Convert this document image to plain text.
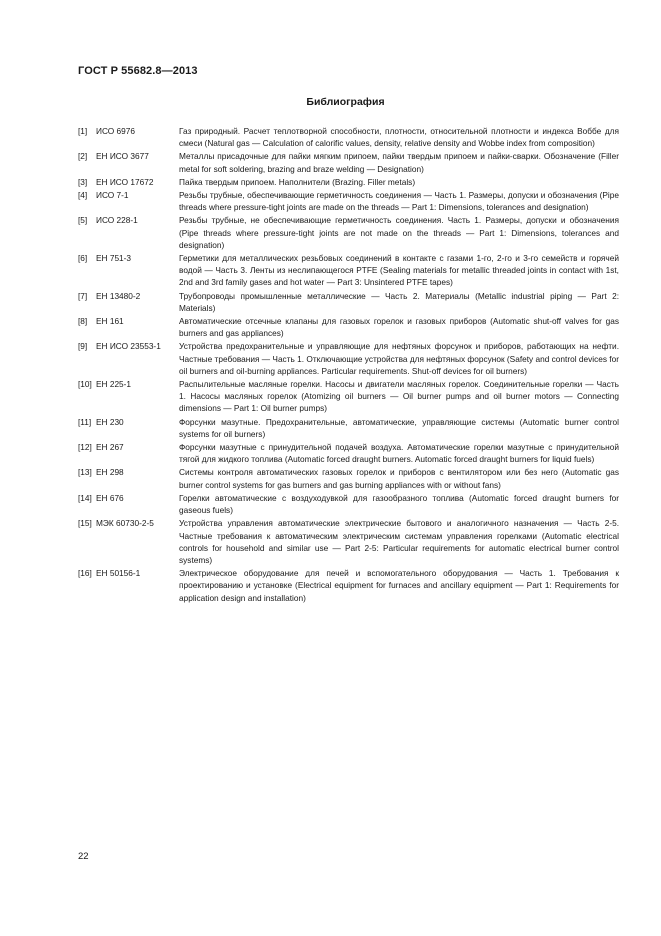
ГОСТ Р 55682.8—2013
Библиография
[1] ИСО 6976	Газ природный. Расчет теплотворной способности, плотности, относительной плотности и индекса Воббе для смеси (Natural gas — Calculation of calorific values, density, relative density and Wobbe index from composition)
[2] ЕН ИСО 3677	Металлы присадочные для пайки мягким припоем, пайки твердым припоем и пайки-сварки. Обозначение (Filler metal for soft soldering, brazing and braze welding — Designation)
[3] ЕН ИСО 17672	Пайка твердым припоем. Наполнители (Brazing. Filler metals)
[4] ИСО 7-1	Резьбы трубные, обеспечивающие герметичность соединения — Часть 1. Размеры, допуски и обозначения (Pipe threads where pressure-tight joints are made on the threads — Part 1: Dimensions, tolerances and designation)
[5] ИСО 228-1	Резьбы трубные, не обеспечивающие герметичность соединения. Часть 1. Размеры, допуски и обозначения (Pipe threads where pressure-tight joints are not made on the threads — Part 1: Dimensions, tolerances and designation)
[6] ЕН 751-3	Герметики для металлических резьбовых соединений в контакте с газами 1-го, 2-го и 3-го семейств и горячей водой — Часть 3. Ленты из неслипающегося PTFE (Sealing materials for metallic threaded joints in contact with 1st, 2nd and 3rd family gases and hot water — Part 3: Unsintered PTFE tapes)
[7] ЕН 13480-2	Трубопроводы промышленные металлические — Часть 2. Материалы (Metallic industrial piping — Part 2: Materials)
[8] ЕН 161	Автоматические отсечные клапаны для газовых горелок и газовых приборов (Automatic shut-off valves for gas burners and gas appliances)
[9] ЕН ИСО 23553-1	Устройства предохранительные и управляющие для нефтяных форсунок и приборов, работающих на нефти. Частные требования — Часть 1. Отключающие устройства для нефтяных форсунок (Safety and control devices for oil burners and oil-burning appliances. Particular requirements. Shut-off devices for oil burners)
[10] ЕН 225-1	Распылительные масляные горелки. Насосы и двигатели масляных горелок. Соединительные горелки — Часть 1. Насосы масляных горелок (Atomizing oil burners — Oil burner pumps and oil burner motors — Connecting dimensions — Part 1: Oil burner pumps)
[11] ЕН 230	Форсунки мазутные. Предохранительные, автоматические, управляющие системы (Automatic burner control systems for oil burners)
[12] ЕН 267	Форсунки мазутные с принудительной подачей воздуха. Автоматические горелки мазутные с принудительной тягой для жидкого топлива (Automatic forced draught burners. Automatic forced draught burners for liquid fuels)
[13] ЕН 298	Системы контроля автоматических газовых горелок и приборов с вентилятором или без него (Automatic gas burner control systems for gas burners and gas burning appliances with or without fans)
[14] ЕН 676	Горелки автоматические с воздуходувкой для газообразного топлива (Automatic forced draught burners for gaseous fuels)
[15] МЭК 60730-2-5	Устройства управления автоматические электрические бытового и аналогичного назначения — Часть 2-5. Частные требования к автоматическим электрическим системам управления горелками (Automatic electrical controls for household and similar use — Part 2-5: Particular requirements for automatic electrical burner control systems)
[16] ЕН 50156-1	Электрическое оборудование для печей и вспомогательного оборудования — Часть 1. Требования к проектированию и установке (Electrical equipment for furnaces and ancillary equipment — Part 1: Requirements for application design and installation)
22
